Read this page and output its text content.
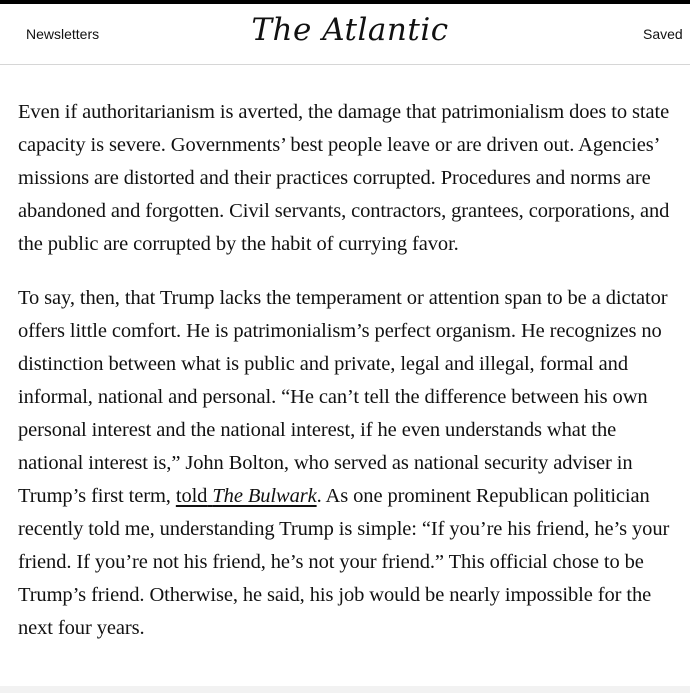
Newsletters	The Atlantic	Saved

Even if authoritarianism is averted, the damage that patrimonialism does to state capacity is severe. Governments’ best people leave or are driven out. Agencies’ missions are distorted and their practices corrupted. Procedures and norms are abandoned and forgotten. Civil servants, contractors, grantees, corporations, and the public are corrupted by the habit of currying favor.

To say, then, that Trump lacks the temperament or attention span to be a dictator offers little comfort. He is patrimonialism’s perfect organism. He recognizes no distinction between what is public and private, legal and illegal, formal and informal, national and personal. “He can’t tell the difference between his own personal interest and the national interest, if he even understands what the national interest is,” John Bolton, who served as national security adviser in Trump’s first term, told The Bulwark. As one prominent Republican politician recently told me, understanding Trump is simple: “If you’re his friend, he’s your friend. If you’re not his friend, he’s not your friend.” This official chose to be Trump’s friend. Otherwise, he said, his job would be nearly impossible for the next four years.
